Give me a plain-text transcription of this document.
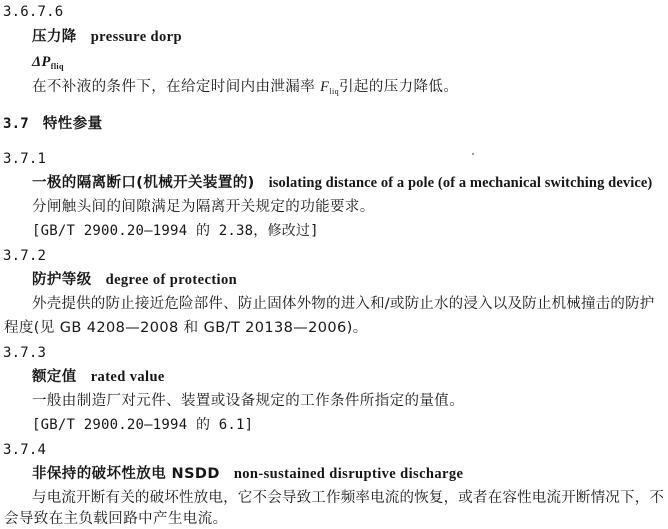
3.6.7.6
压力降 pressure dorp
$\Delta P_{fliq}$
在不补液的条件下，在给定时间内由泄漏率 $F_{liq}$引起的压力降低。
3.7 特性参量
3.7.1
一极的隔离断口(机械开关装置的) isolating distance of a pole (of a mechanical switching device)
分闸触头间的间隙满足为隔离开关规定的功能要求。
[GB/T 2900.20—1994 的 2.38，修改过]
3.7.2
防护等级 degree of protection
外壳提供的防止接近危险部件、防止固体外物的进入和/或防止水的浸入以及防止机械撞击的防护
程度(见 GB 4208—2008 和 GB/T 20138—2006)。
3.7.3
额定值 rated value
一般由制造厂对元件、装置或设备规定的工作条件所指定的量值。
[GB/T 2900.20—1994 的 6.1]
3.7.4
非保持的破坏性放电 NSDD non-sustained disruptive discharge
与电流开断有关的破坏性放电，它不会导致工作频率电流的恢复，或者在容性电流开断情况下，不
会导致在主负载回路中产生电流。
